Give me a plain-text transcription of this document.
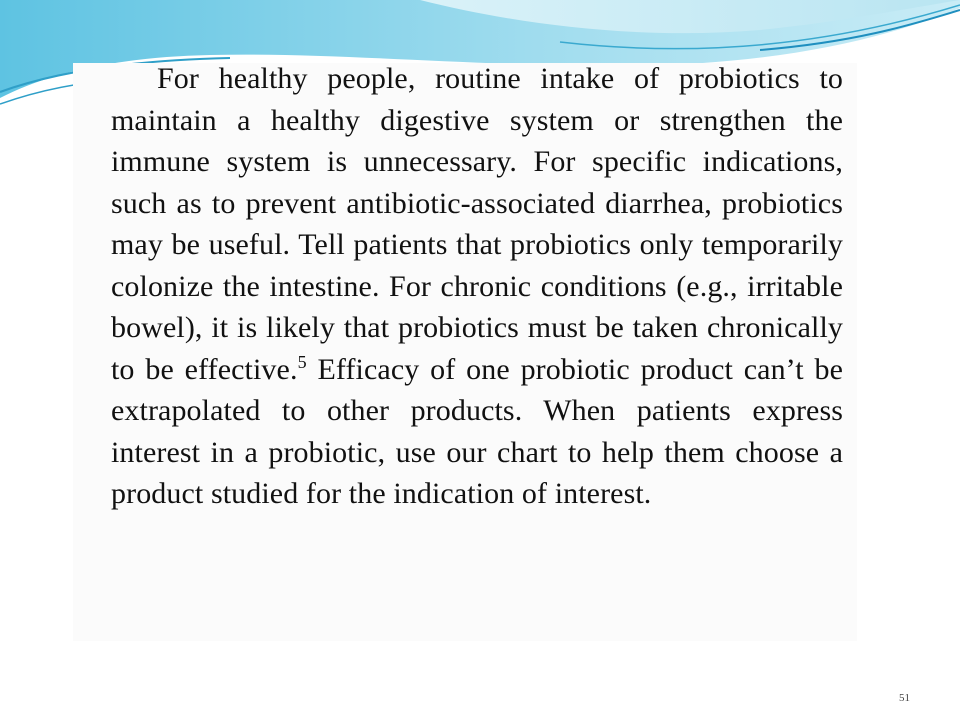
For healthy people, routine intake of probiotics to maintain a healthy digestive system or strengthen the immune system is unnecessary. For specific indications, such as to prevent antibiotic-associated diarrhea, probiotics may be useful. Tell patients that probiotics only temporarily colonize the intestine. For chronic conditions (e.g., irritable bowel), it is likely that probiotics must be taken chronically to be effective.$^5$ Efficacy of one probiotic product can’t be extrapolated to other products. When patients express interest in a probiotic, use our chart to help them choose a product studied for the indication of interest.

51
